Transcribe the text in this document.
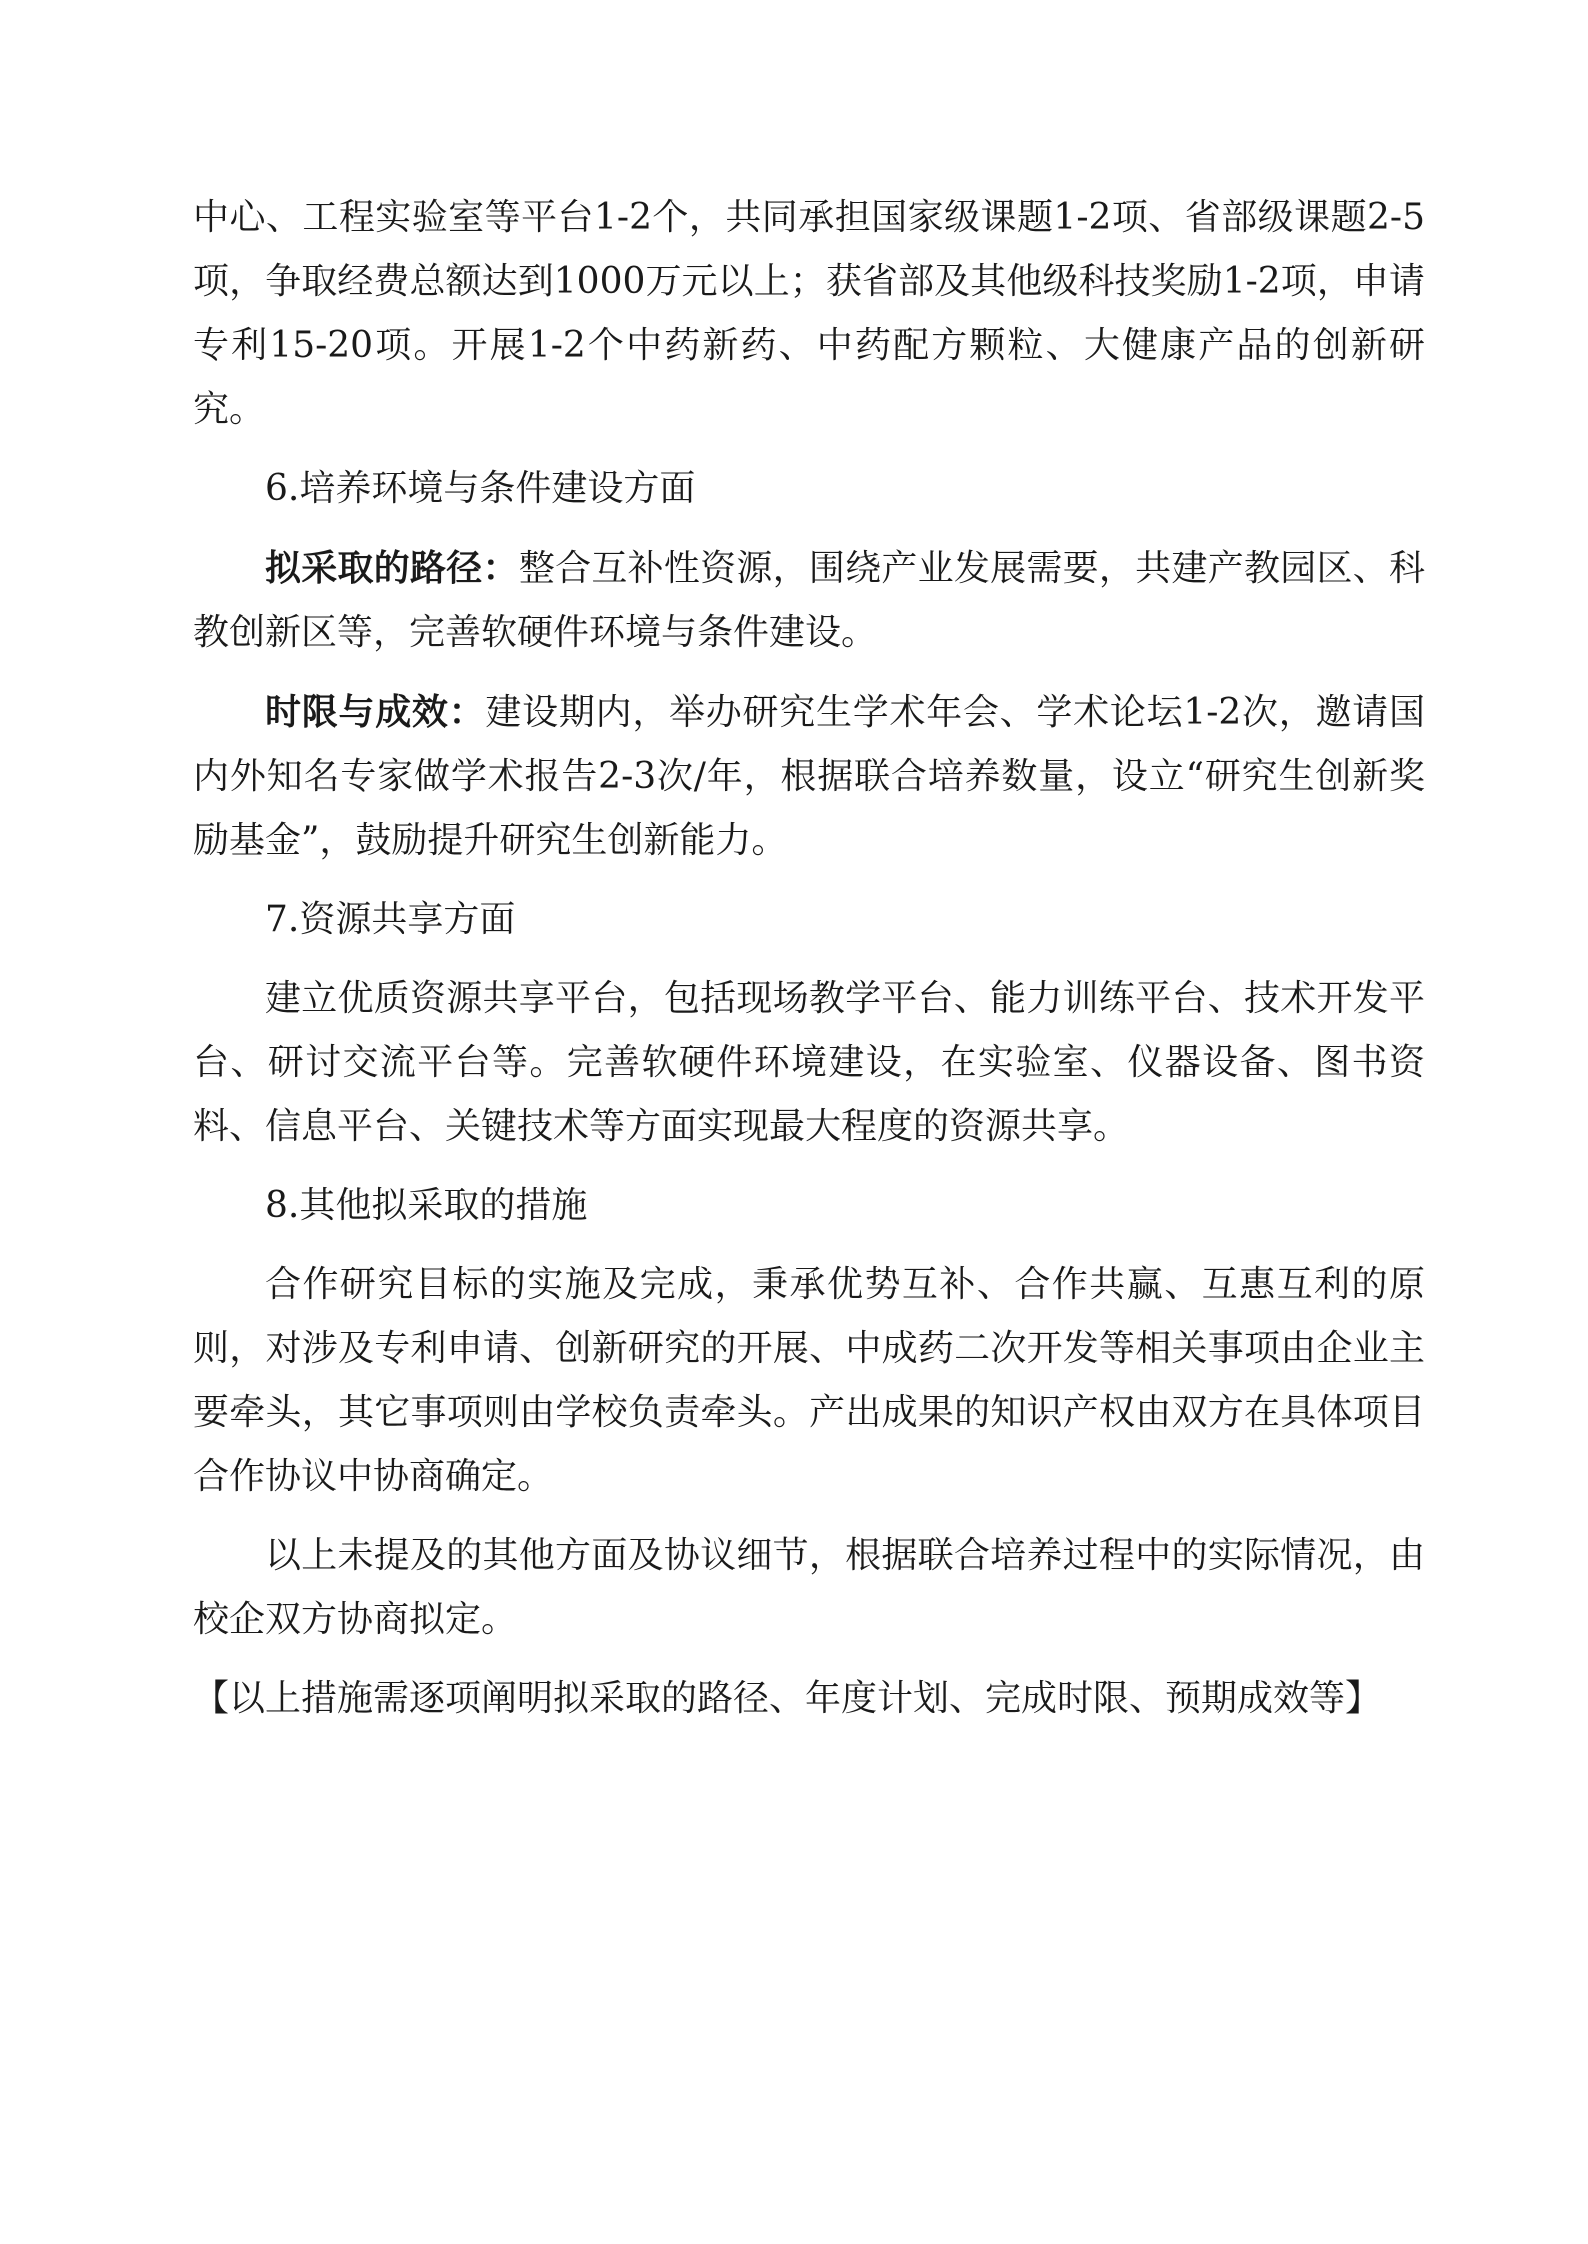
中心、工程实验室等平台1-2个，共同承担国家级课题1-2项、省部级课题2-5项，争取经费总额达到1000万元以上；获省部及其他级科技奖励1-2项，申请专利15-20项。开展1-2个中药新药、中药配方颗粒、大健康产品的创新研究。

6.培养环境与条件建设方面

拟采取的路径：整合互补性资源，围绕产业发展需要，共建产教园区、科教创新区等，完善软硬件环境与条件建设。

时限与成效：建设期内，举办研究生学术年会、学术论坛1-2次，邀请国内外知名专家做学术报告2-3次/年，根据联合培养数量，设立“研究生创新奖励基金”，鼓励提升研究生创新能力。

7.资源共享方面

建立优质资源共享平台，包括现场教学平台、能力训练平台、技术开发平台、研讨交流平台等。完善软硬件环境建设，在实验室、仪器设备、图书资料、信息平台、关键技术等方面实现最大程度的资源共享。

8.其他拟采取的措施

合作研究目标的实施及完成，秉承优势互补、合作共赢、互惠互利的原则，对涉及专利申请、创新研究的开展、中成药二次开发等相关事项由企业主要牵头，其它事项则由学校负责牵头。产出成果的知识产权由双方在具体项目合作协议中协商确定。

以上未提及的其他方面及协议细节，根据联合培养过程中的实际情况，由校企双方协商拟定。

【以上措施需逐项阐明拟采取的路径、年度计划、完成时限、预期成效等】
